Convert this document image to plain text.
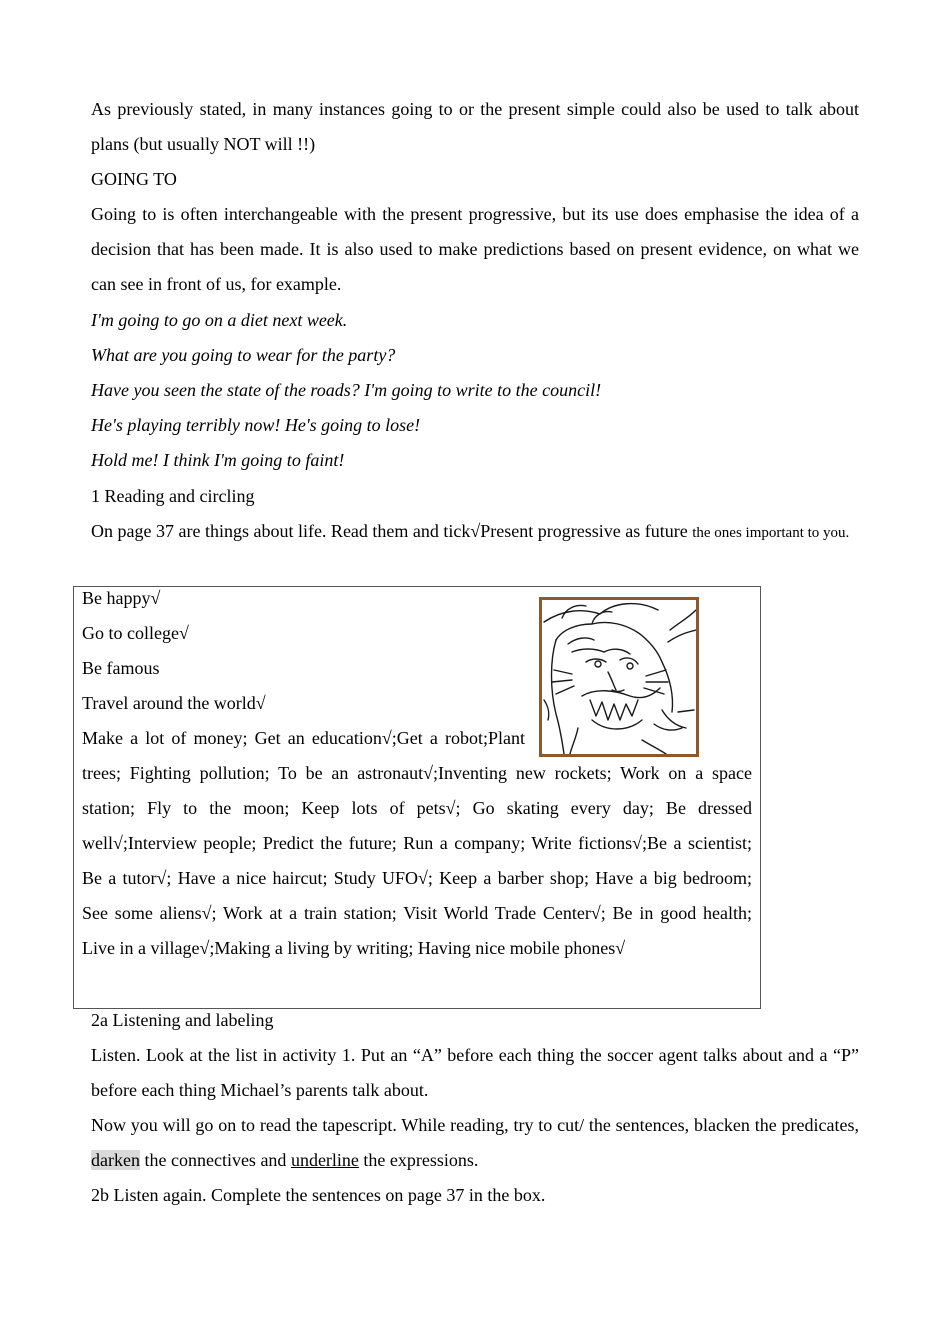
As previously stated, in many instances going to or the present simple could also be used to talk about plans (but usually NOT will !!)

GOING TO

Going to is often interchangeable with the present progressive, but its use does emphasise the idea of a decision that has been made. It is also used to make predictions based on present evidence, on what we can see in front of us, for example.

I'm going to go on a diet next week.

What are you going to wear for the party?

Have you seen the state of the roads? I'm going to write to the council!

He's playing terribly now! He's going to lose!

Hold me! I think I'm going to faint!

1 Reading and circling

On page 37 are things about life. Read them and tick√Present progressive as future the ones important to you.

Be happy√
Go to college√
Be famous
Travel around the world√
Make a lot of money; Get an education√;Get a robot;Plant trees; Fighting pollution; To be an astronaut√;Inventing new rockets; Work on a space station; Fly to the moon; Keep lots of pets√; Go skating every day; Be dressed well√;Interview people; Predict the future; Run a company; Write fictions√;Be a scientist; Be a tutor√; Have a nice haircut; Study UFO√; Keep a barber shop; Have a big bedroom; See some aliens√; Work at a train station; Visit World Trade Center√; Be in good health; Live in a village√;Making a living by writing; Having nice mobile phones√

2a Listening and labeling

Listen. Look at the list in activity 1. Put an “A” before each thing the soccer agent talks about and a “P” before each thing Michael’s parents talk about.

Now you will go on to read the tapescript. While reading, try to cut/ the sentences, blacken the predicates, darken the connectives and underline the expressions.

2b Listen again. Complete the sentences on page 37 in the box.
